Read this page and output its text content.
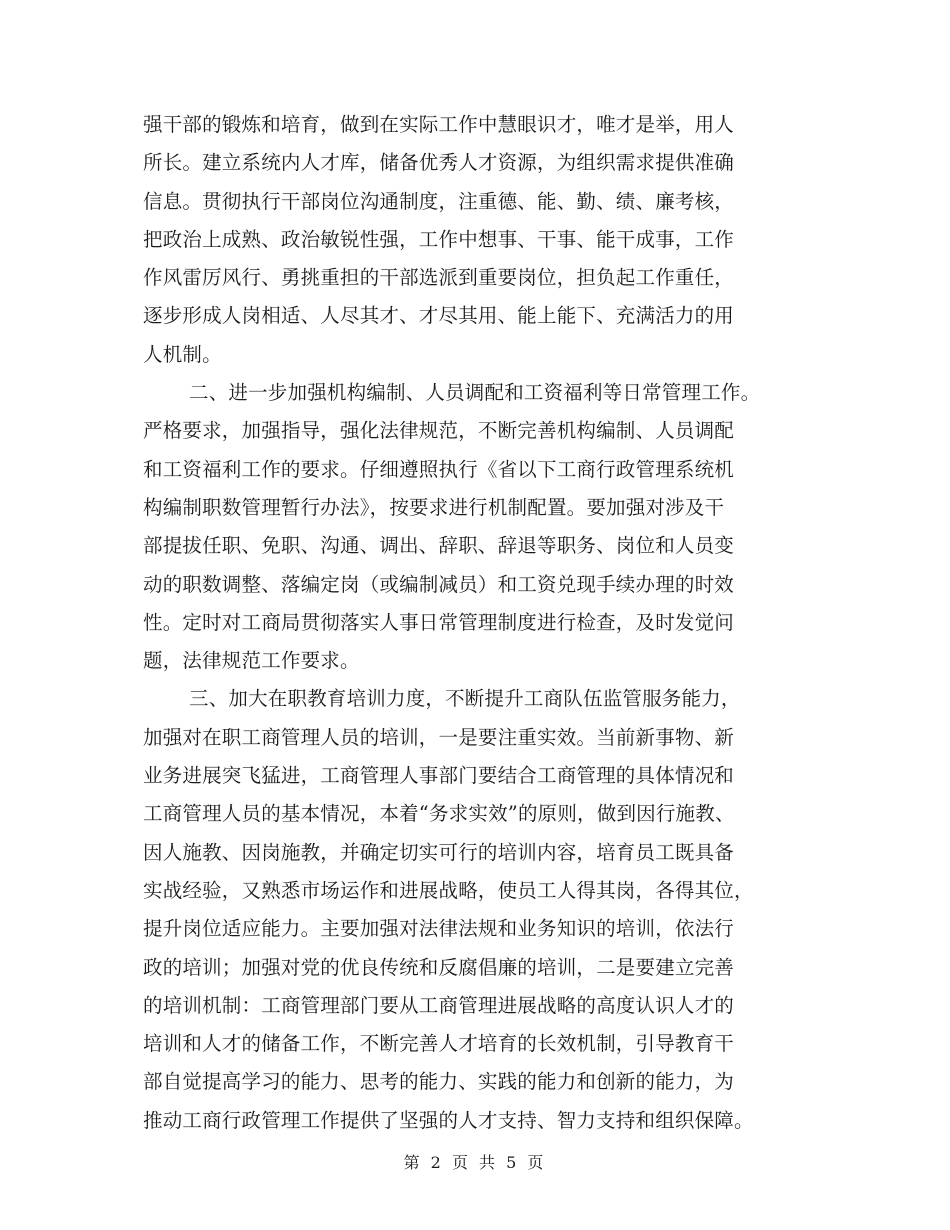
强干部的锻炼和培育，做到在实际工作中慧眼识才，唯才是举，用人
所长。建立系统内人才库，储备优秀人才资源，为组织需求提供准确
信息。贯彻执行干部岗位沟通制度，注重德、能、勤、绩、廉考核，
把政治上成熟、政治敏锐性强，工作中想事、干事、能干成事，工作
作风雷厉风行、勇挑重担的干部选派到重要岗位，担负起工作重任，
逐步形成人岗相适、人尽其才、才尽其用、能上能下、充满活力的用
人机制。
二、进一步加强机构编制、人员调配和工资福利等日常管理工作。
严格要求，加强指导，强化法律规范，不断完善机构编制、人员调配
和工资福利工作的要求。仔细遵照执行《省以下工商行政管理系统机
构编制职数管理暂行办法》，按要求进行机制配置。要加强对涉及干
部提拔任职、免职、沟通、调出、辞职、辞退等职务、岗位和人员变
动的职数调整、落编定岗（或编制减员）和工资兑现手续办理的时效
性。定时对工商局贯彻落实人事日常管理制度进行检查，及时发觉问
题，法律规范工作要求。
三、加大在职教育培训力度，不断提升工商队伍监管服务能力，
加强对在职工商管理人员的培训，一是要注重实效。当前新事物、新
业务进展突飞猛进，工商管理人事部门要结合工商管理的具体情况和
工商管理人员的基本情况，本着“务求实效”的原则，做到因行施教、
因人施教、因岗施教，并确定切实可行的培训内容，培育员工既具备
实战经验，又熟悉市场运作和进展战略，使员工人得其岗，各得其位，
提升岗位适应能力。主要加强对法律法规和业务知识的培训，依法行
政的培训；加强对党的优良传统和反腐倡廉的培训，二是要建立完善
的培训机制：工商管理部门要从工商管理进展战略的高度认识人才的
培训和人才的储备工作，不断完善人才培育的长效机制，引导教育干
部自觉提高学习的能力、思考的能力、实践的能力和创新的能力，为
推动工商行政管理工作提供了坚强的人才支持、智力支持和组织保障。
第 2 页 共 5 页
